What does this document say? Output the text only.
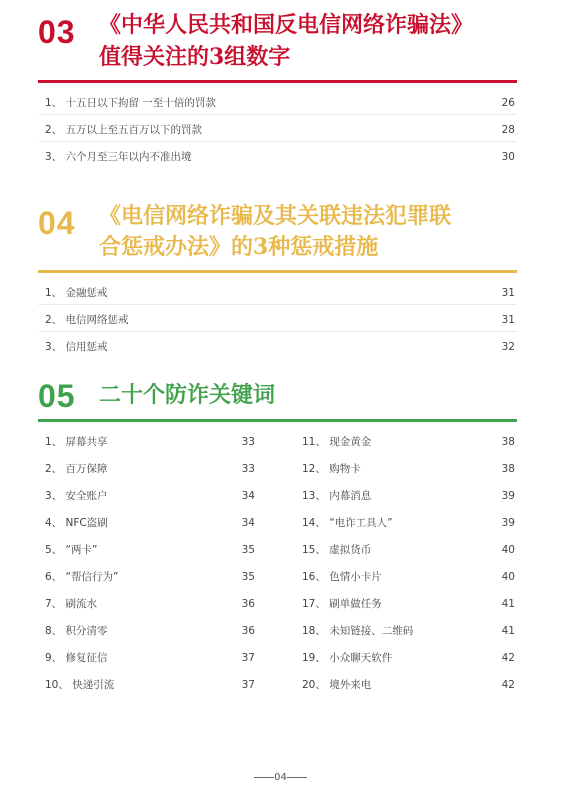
03 《中华人民共和国反电信网络诈骗法》
值得关注的3组数字
1、 十五日以下拘留 一至十倍的罚款	26
2、 五万以上至五百万以下的罚款	28
3、 六个月至三年以内不准出境	30
04 《电信网络诈骗及其关联违法犯罪联
合惩戒办法》的3种惩戒措施
1、 金融惩戒	31
2、 电信网络惩戒	31
3、 信用惩戒	32
05 二十个防诈关键词
1、 屏幕共享	33
2、 百万保障	33
3、 安全账户	34
4、 NFC盗刷	34
5、 “两卡”	35
6、 “帮信行为”	35
7、 刷流水	36
8、 积分清零	36
9、 修复征信	37
10、 快递引流	37
11、 现金黄金	38
12、 购物卡	38
13、 内幕消息	39
14、 “电诈工具人”	39
15、 虚拟货币	40
16、 色情小卡片	40
17、 刷单做任务	41
18、 未知链接、二维码	41
19、 小众聊天软件	42
20、 境外来电	42
04
